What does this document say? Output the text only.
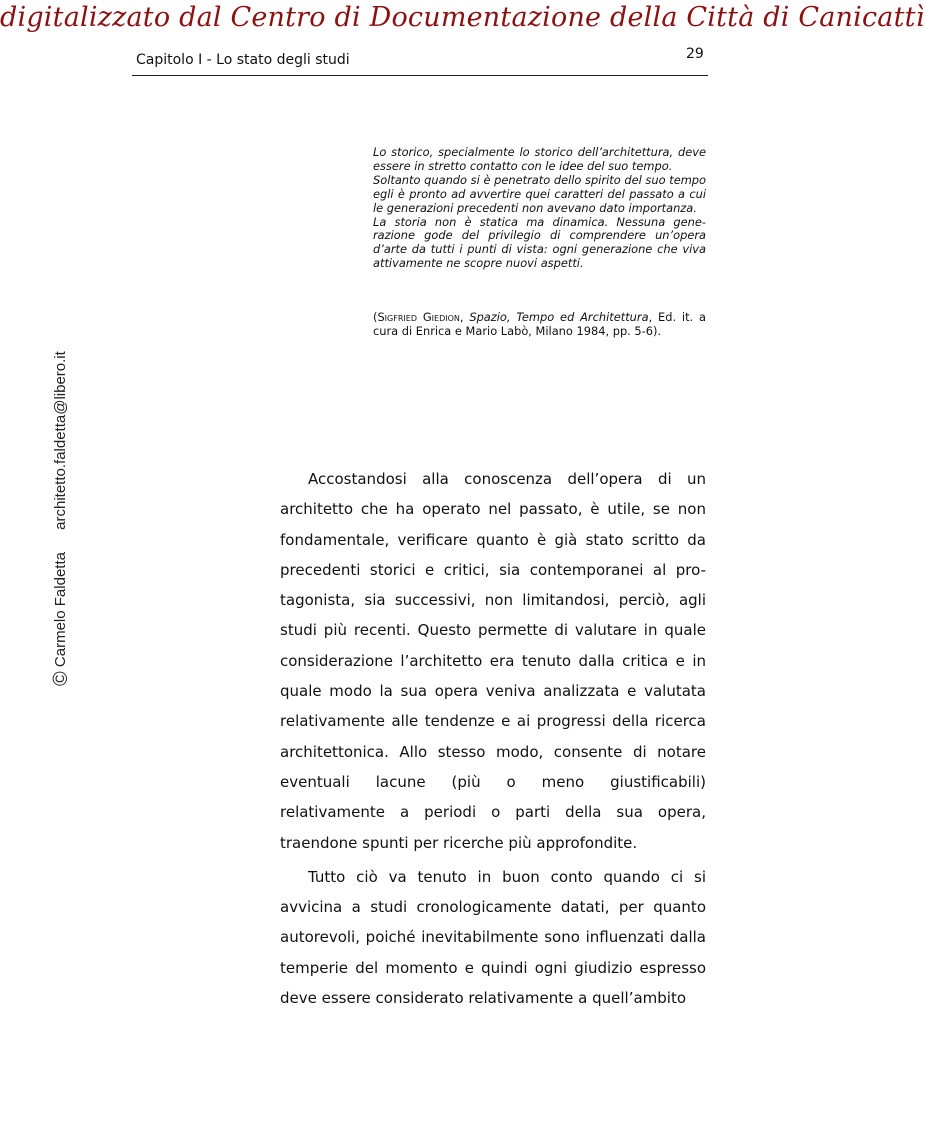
digitalizzato dal Centro di Documentazione della Città di Canicattì
Capitolo I - Lo stato degli studi	29
© Carmelo Faldetta architetto.faldetta@libero.it

Lo storico, specialmente lo storico dell’architettura, deve essere in stretto contatto con le idee del suo tempo.

Soltanto quando si è penetrato dello spirito del suo tempo egli è pronto ad avvertire quei caratteri del passato a cui le generazioni precedenti non avevano dato importanza.

La storia non è statica ma dinamica. Nessuna gene-razione gode del privilegio di comprendere un’opera d’arte da tutti i punti di vista: ogni generazione che viva attivamente ne scopre nuovi aspetti.

(Sigfried Giedion, Spazio, Tempo ed Architettura, Ed. it. a cura di Enrica e Mario Labò, Milano 1984, pp. 5-6).

Accostandosi alla conoscenza dell’opera di un architetto che ha operato nel passato, è utile, se non fondamentale, verificare quanto è già stato scritto da precedenti storici e critici, sia contemporanei al pro-tagonista, sia successivi, non limitandosi, perciò, agli studi più recenti. Questo permette di valutare in quale considerazione l’architetto era tenuto dalla critica e in quale modo la sua opera veniva analizzata e valutata relativamente alle tendenze e ai progressi della ricerca architettonica. Allo stesso modo, consente di notare eventuali lacune (più o meno giustificabili) relativamente a periodi o parti della sua opera, traendone spunti per ricerche più approfondite.

Tutto ciò va tenuto in buon conto quando ci si avvicina a studi cronologicamente datati, per quanto autorevoli, poiché inevitabilmente sono influenzati dalla temperie del momento e quindi ogni giudizio espresso deve essere considerato relativamente a quell’ambito
